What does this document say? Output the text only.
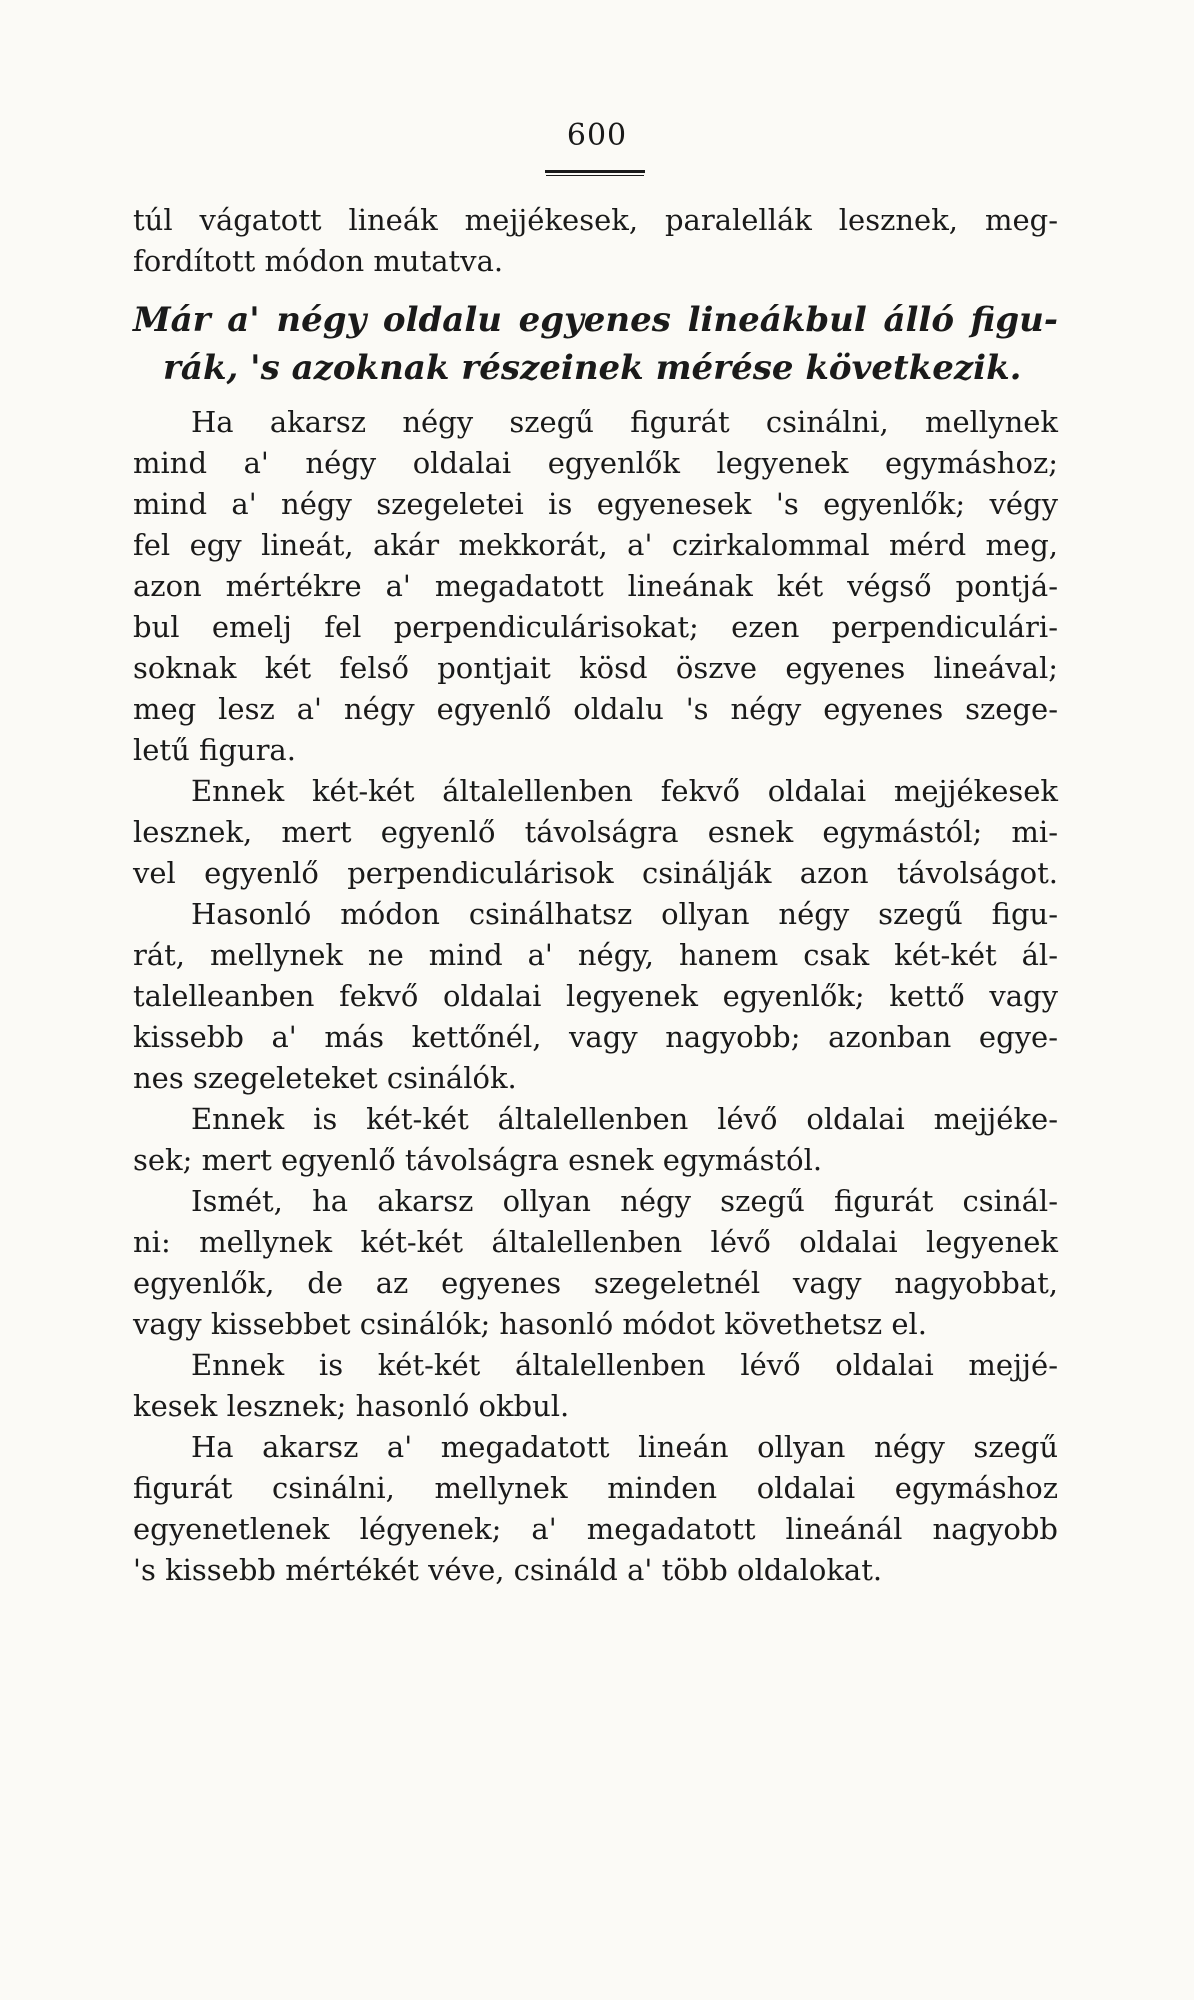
600
túl vágatott lineák mejjékesek, paralellák lesznek, meg-
fordított módon mutatva.
Már a' négy oldalu egyenes lineákbul álló figu-
rák, 's azoknak részeinek mérése következik.
Ha akarsz négy szegű figurát csinálni, mellynek
mind a' négy oldalai egyenlők legyenek egymáshoz;
mind a' négy szegeletei is egyenesek 's egyenlők; végy
fel egy lineát, akár mekkorát, a' czirkalommal mérd meg,
azon mértékre a' megadatott lineának két végső pontjá-
bul emelj fel perpendiculárisokat; ezen perpendiculári-
soknak két felső pontjait kösd öszve egyenes lineával;
meg lesz a' négy egyenlő oldalu 's négy egyenes szege-
letű figura.
Ennek két-két általellenben fekvő oldalai mejjékesek
lesznek, mert egyenlő távolságra esnek egymástól; mi-
vel egyenlő perpendiculárisok csinálják azon távolságot.
Hasonló módon csinálhatsz ollyan négy szegű figu-
rát, mellynek ne mind a' négy, hanem csak két-két ál-
talelleanben fekvő oldalai legyenek egyenlők; kettő vagy
kissebb a' más kettőnél, vagy nagyobb; azonban egye-
nes szegeleteket csinálók.
Ennek is két-két általellenben lévő oldalai mejjéke-
sek; mert egyenlő távolságra esnek egymástól.
Ismét, ha akarsz ollyan négy szegű figurát csinál-
ni: mellynek két-két általellenben lévő oldalai legyenek
egyenlők, de az egyenes szegeletnél vagy nagyobbat,
vagy kissebbet csinálók; hasonló módot követhetsz el.
Ennek is két-két általellenben lévő oldalai mejjé-
kesek lesznek; hasonló okbul.
Ha akarsz a' megadatott lineán ollyan négy szegű
figurát csinálni, mellynek minden oldalai egymáshoz
egyenetlenek légyenek; a' megadatott lineánál nagyobb
's kissebb mértékét véve, csináld a' több oldalokat.
